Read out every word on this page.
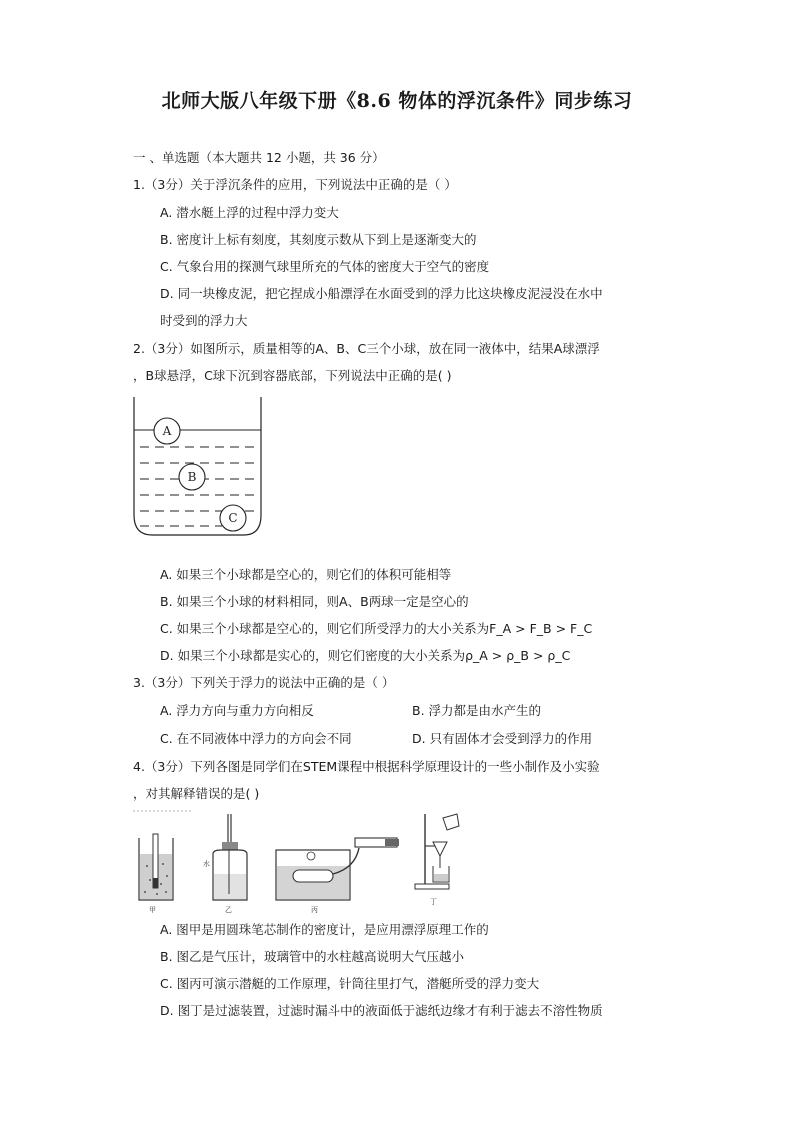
北师大版八年级下册《8.6 物体的浮沉条件》同步练习
一 、单选题（本大题共 12 小题，共 36 分）
1.（3分）关于浮沉条件的应用，下列说法中正确的是（ ）
A. 潜水艇上浮的过程中浮力变大
B. 密度计上标有刻度，其刻度示数从下到上是逐渐变大的
C. 气象台用的探测气球里所充的气体的密度大于空气的密度
D. 同一块橡皮泥，把它捏成小船漂浮在水面受到的浮力比这块橡皮泥浸没在水中
时受到的浮力大
2.（3分）如图所示，质量相等的A、B、C三个小球，放在同一液体中，结果A球漂浮
，B球悬浮，C球下沉到容器底部，下列说法中正确的是( )
A
B
C
A. 如果三个小球都是空心的，则它们的体积可能相等
B. 如果三个小球的材料相同，则A、B两球一定是空心的
C. 如果三个小球都是空心的，则它们所受浮力的大小关系为F_A > F_B > F_C
D. 如果三个小球都是实心的，则它们密度的大小关系为ρ_A > ρ_B > ρ_C
3.（3分）下列关于浮力的说法中正确的是（ ）
A. 浮力方向与重力方向相反	B. 浮力都是由水产生的
C. 在不同液体中浮力的方向会不同	D. 只有固体才会受到浮力的作用
4.（3分）下列各图是同学们在STEM课程中根据科学原理设计的一些小制作及小实验
，对其解释错误的是( )
甲
水
乙	丙
丁
A. 图甲是用圆珠笔芯制作的密度计，是应用漂浮原理工作的
B. 图乙是气压计，玻璃管中的水柱越高说明大气压越小
C. 图丙可演示潜艇的工作原理，针筒往里打气，潜艇所受的浮力变大
D. 图丁是过滤装置，过滤时漏斗中的液面低于滤纸边缘才有利于滤去不溶性物质
